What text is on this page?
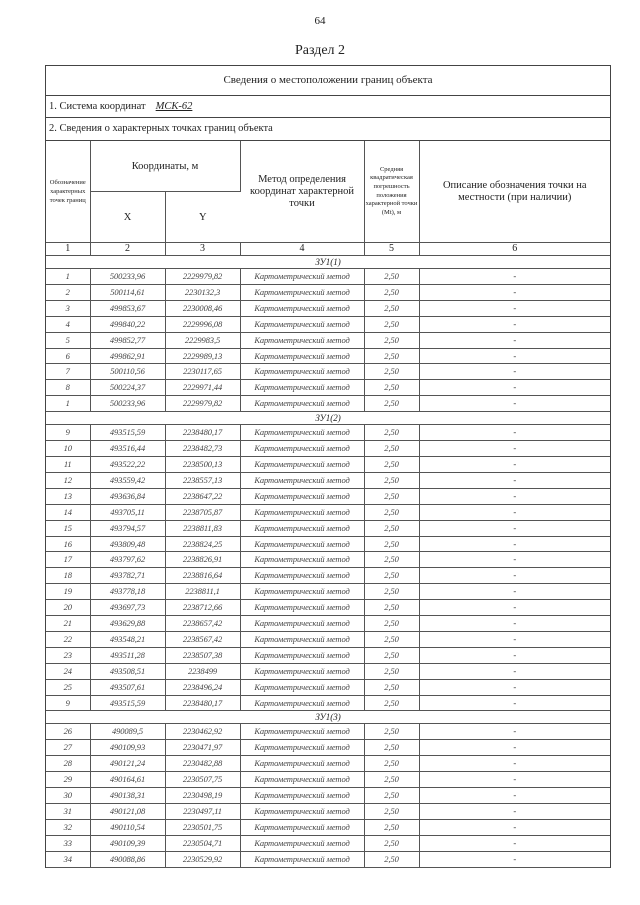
64
Раздел 2
Сведения о местоположении границ объекта
1. Система координат МСК-62
2. Сведения о характерных точках границ объекта
Обозначение характерных точек границ	Координаты, м		Метод определения координат характерной точки	Средняя квадратическая погрешность положения характерной точки (Mt), м	Описание обозначения точки на местности (при наличии)
	X	Y			
1	2	3	4	5	6
ЗУ1(1)					
1	500233,96	2229979,82	Картометрический метод	2,50	-
2	500114,61	2230132,3	Картометрический метод	2,50	-
3	499853,67	2230008,46	Картометрический метод	2,50	-
4	499840,22	2229996,08	Картометрический метод	2,50	-
5	499852,77	2229983,5	Картометрический метод	2,50	-
6	499862,91	2229989,13	Картометрический метод	2,50	-
7	500110,56	2230117,65	Картометрический метод	2,50	-
8	500224,37	2229971,44	Картометрический метод	2,50	-
1	500233,96	2229979,82	Картометрический метод	2,50	-
ЗУ1(2)					
9	493515,59	2238480,17	Картометрический метод	2,50	-
10	493516,44	2238482,73	Картометрический метод	2,50	-
11	493522,22	2238500,13	Картометрический метод	2,50	-
12	493559,42	2238557,13	Картометрический метод	2,50	-
13	493636,84	2238647,22	Картометрический метод	2,50	-
14	493705,11	2238705,87	Картометрический метод	2,50	-
15	493794,57	2238811,83	Картометрический метод	2,50	-
16	493809,48	2238824,25	Картометрический метод	2,50	-
17	493797,62	2238826,91	Картометрический метод	2,50	-
18	493782,71	2238816,64	Картометрический метод	2,50	-
19	493778,18	2238811,1	Картометрический метод	2,50	-
20	493697,73	2238712,66	Картометрический метод	2,50	-
21	493629,88	2238657,42	Картометрический метод	2,50	-
22	493548,21	2238567,42	Картометрический метод	2,50	-
23	493511,28	2238507,38	Картометрический метод	2,50	-
24	493508,51	2238499	Картометрический метод	2,50	-
25	493507,61	2238496,24	Картометрический метод	2,50	-
9	493515,59	2238480,17	Картометрический метод	2,50	-
ЗУ1(3)					
26	490089,5	2230462,92	Картометрический метод	2,50	-
27	490109,93	2230471,97	Картометрический метод	2,50	-
28	490121,24	2230482,88	Картометрический метод	2,50	-
29	490164,61	2230507,75	Картометрический метод	2,50	-
30	490138,31	2230498,19	Картометрический метод	2,50	-
31	490121,08	2230497,11	Картометрический метод	2,50	-
32	490110,54	2230501,75	Картометрический метод	2,50	-
33	490109,39	2230504,71	Картометрический метод	2,50	-
34	490088,86	2230529,92	Картометрический метод	2,50	-
